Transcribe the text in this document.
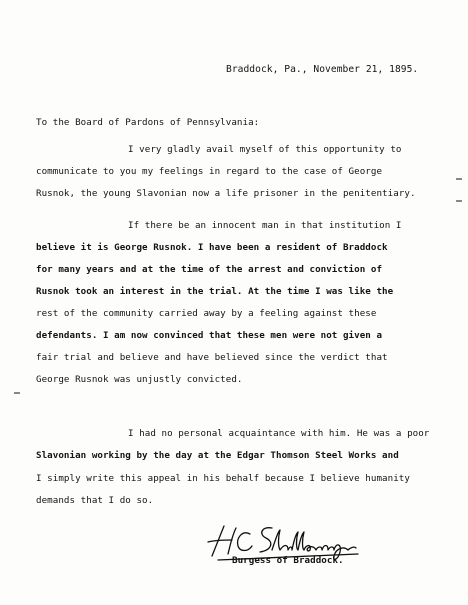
Braddock, Pa., November 21, 1895.
To the Board of Pardons of Pennsylvania:
I very gladly avail myself of this opportunity to
communicate to you my feelings in regard to the case of George
Rusnok, the young Slavonian now a life prisoner in the penitentiary.
If there be an innocent man in that institution I
believe it is George Rusnok. I have been a resident of Braddock
for many years and at the time of the arrest and conviction of
Rusnok took an interest in the trial. At the time I was like the
rest of the community carried away by a feeling against these
defendants. I am now convinced that these men were not given a
fair trial and believe and have believed since the verdict that
George Rusnok was unjustly convicted.
I had no personal acquaintance with him. He was a poor
Slavonian working by the day at the Edgar Thomson Steel Works and
I simply write this appeal in his behalf because I believe humanity
demands that I do so.
Burgess of Braddock.
